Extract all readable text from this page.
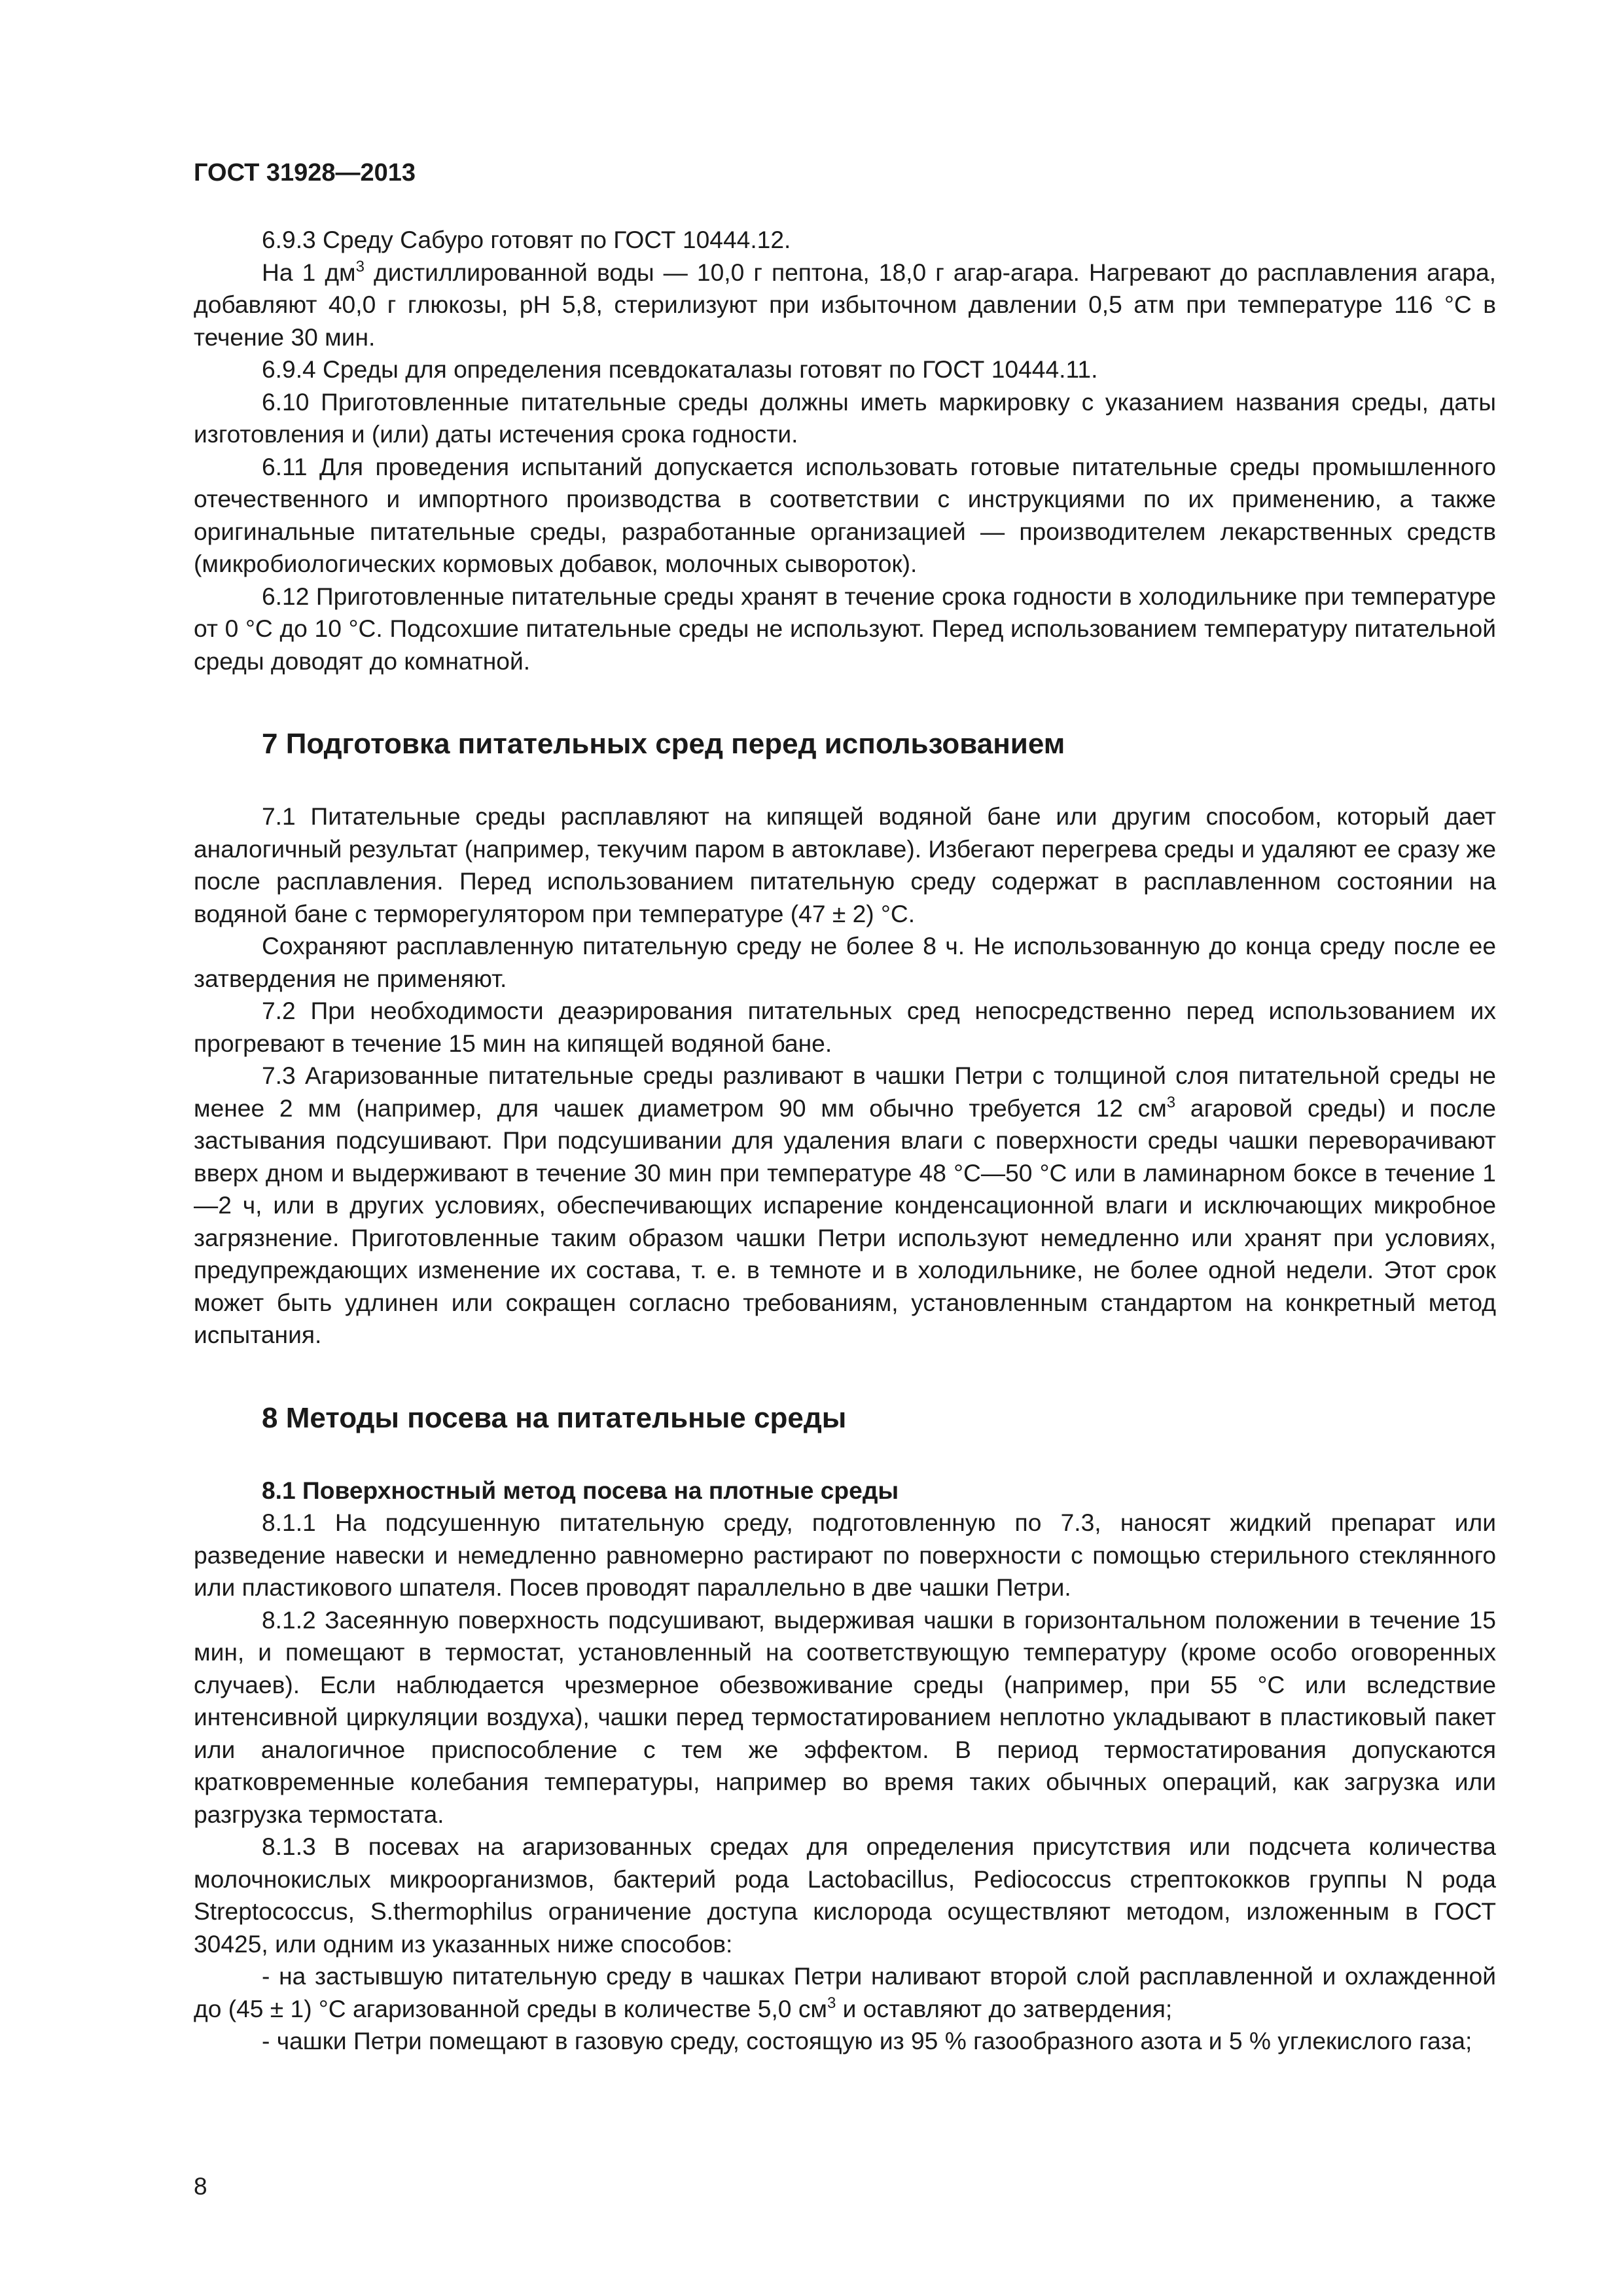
ГОСТ 31928—2013

6.9.3 Среду Сабуро готовят по ГОСТ 10444.12.

На 1 $дм^3$ дистиллированной воды — 10,0 г пептона, 18,0 г агар-агара. Нагревают до расплавления агара, добавляют 40,0 г глюкозы, pH 5,8, стерилизуют при избыточном давлении 0,5 атм при температуре 116 °С в течение 30 мин.

6.9.4 Среды для определения псевдокаталазы готовят по ГОСТ 10444.11.

6.10 Приготовленные питательные среды должны иметь маркировку с указанием названия среды, даты изготовления и (или) даты истечения срока годности.

6.11 Для проведения испытаний допускается использовать готовые питательные среды промышленного отечественного и импортного производства в соответствии с инструкциями по их применению, а также оригинальные питательные среды, разработанные организацией — производителем лекарственных средств (микробиологических кормовых добавок, молочных сывороток).

6.12 Приготовленные питательные среды хранят в течение срока годности в холодильнике при температуре от 0 °С до 10 °С. Подсохшие питательные среды не используют. Перед использованием температуру питательной среды доводят до комнатной.

7 Подготовка питательных сред перед использованием

7.1 Питательные среды расплавляют на кипящей водяной бане или другим способом, который дает аналогичный результат (например, текучим паром в автоклаве). Избегают перегрева среды и удаляют ее сразу же после расплавления. Перед использованием питательную среду содержат в расплавленном состоянии на водяной бане с терморегулятором при температуре (47 ± 2) °С.

Сохраняют расплавленную питательную среду не более 8 ч. Не использованную до конца среду после ее затвердения не применяют.

7.2 При необходимости деаэрирования питательных сред непосредственно перед использованием их прогревают в течение 15 мин на кипящей водяной бане.

7.3 Агаризованные питательные среды разливают в чашки Петри с толщиной слоя питательной среды не менее 2 мм (например, для чашек диаметром 90 мм обычно требуется 12 $см^3$ агаровой среды) и после застывания подсушивают. При подсушивании для удаления влаги с поверхности среды чашки переворачивают вверх дном и выдерживают в течение 30 мин при температуре 48 °С—50 °С или в ламинарном боксе в течение 1—2 ч, или в других условиях, обеспечивающих испарение конденсационной влаги и исключающих микробное загрязнение. Приготовленные таким образом чашки Петри используют немедленно или хранят при условиях, предупреждающих изменение их состава, т. е. в темноте и в холодильнике, не более одной недели. Этот срок может быть удлинен или сокращен согласно требованиям, установленным стандартом на конкретный метод испытания.

8 Методы посева на питательные среды
8.1 Поверхностный метод посева на плотные среды

8.1.1 На подсушенную питательную среду, подготовленную по 7.3, наносят жидкий препарат или разведение навески и немедленно равномерно растирают по поверхности с помощью стерильного стеклянного или пластикового шпателя. Посев проводят параллельно в две чашки Петри.

8.1.2 Засеянную поверхность подсушивают, выдерживая чашки в горизонтальном положении в течение 15 мин, и помещают в термостат, установленный на соответствующую температуру (кроме особо оговоренных случаев). Если наблюдается чрезмерное обезвоживание среды (например, при 55 °С или вследствие интенсивной циркуляции воздуха), чашки перед термостатированием неплотно укладывают в пластиковый пакет или аналогичное приспособление с тем же эффектом. В период термостатирования допускаются кратковременные колебания температуры, например во время таких обычных операций, как загрузка или разгрузка термостата.

8.1.3 В посевах на агаризованных средах для определения присутствия или подсчета количества молочнокислых микроорганизмов, бактерий рода Lactobacillus, Pediococcus стрептококков группы N рода Streptococcus, S.thermophilus ограничение доступа кислорода осуществляют методом, изложенным в ГОСТ 30425, или одним из указанных ниже способов:

- на застывшую питательную среду в чашках Петри наливают второй слой расплавленной и охлажденной до (45 ± 1) °С агаризованной среды в количестве 5,0 $см^3$ и оставляют до затвердения;

- чашки Петри помещают в газовую среду, состоящую из 95 % газообразного азота и 5 % углекислого газа;

8
